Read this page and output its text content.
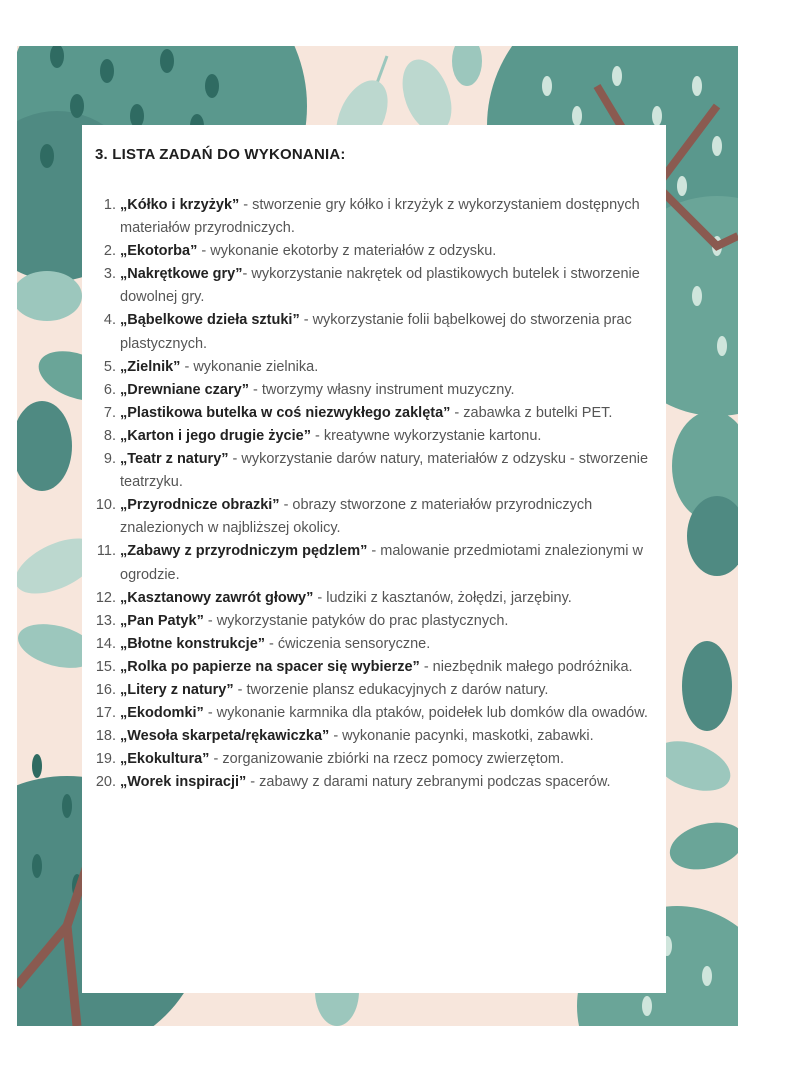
3. LISTA ZADAŃ DO WYKONANIA:
1. „Kółko i krzyżyk” - stworzenie gry kółko i krzyżyk z wykorzystaniem dostępnych materiałów przyrodniczych.
2. „Ekotorba” - wykonanie ekotorby z materiałów z odzysku.
3. „Nakrętkowe gry”- wykorzystanie nakrętek od plastikowych butelek i stworzenie dowolnej gry.
4. „Bąbelkowe dzieła sztuki” - wykorzystanie folii bąbelkowej do stworzenia prac plastycznych.
5. „Zielnik” - wykonanie zielnika.
6. „Drewniane czary” - tworzymy własny instrument muzyczny.
7. „Plastikowa butelka w coś niezwykłego zaklęta” - zabawka z butelki PET.
8. „Karton i jego drugie życie” - kreatywne wykorzystanie kartonu.
9. „Teatr z natury” - wykorzystanie darów natury, materiałów z odzysku - stworzenie teatrzyku.
10. „Przyrodnicze obrazki” - obrazy stworzone z materiałów przyrodniczych znalezionych w najbliższej okolicy.
11. „Zabawy z przyrodniczym pędzlem” - malowanie przedmiotami znalezionymi w ogrodzie.
12. „Kasztanowy zawrót głowy” - ludziki z kasztanów, żołędzi, jarzębiny.
13. „Pan Patyk” - wykorzystanie patyków do prac plastycznych.
14. „Błotne konstrukcje” - ćwiczenia sensoryczne.
15. „Rolka po papierze na spacer się wybierze” - niezbędnik małego podróżnika.
16. „Litery z natury” - tworzenie plansz edukacyjnych z darów natury.
17. „Ekodomki” - wykonanie karmnika dla ptaków, poidełek lub domków dla owadów.
18. „Wesoła skarpeta/rękawiczka” - wykonanie pacynki, maskotki, zabawki.
19. „Ekokultura” - zorganizowanie zbiórki na rzecz pomocy zwierzętom.
20. „Worek inspiracji” - zabawy z darami natury zebranymi podczas spacerów.
